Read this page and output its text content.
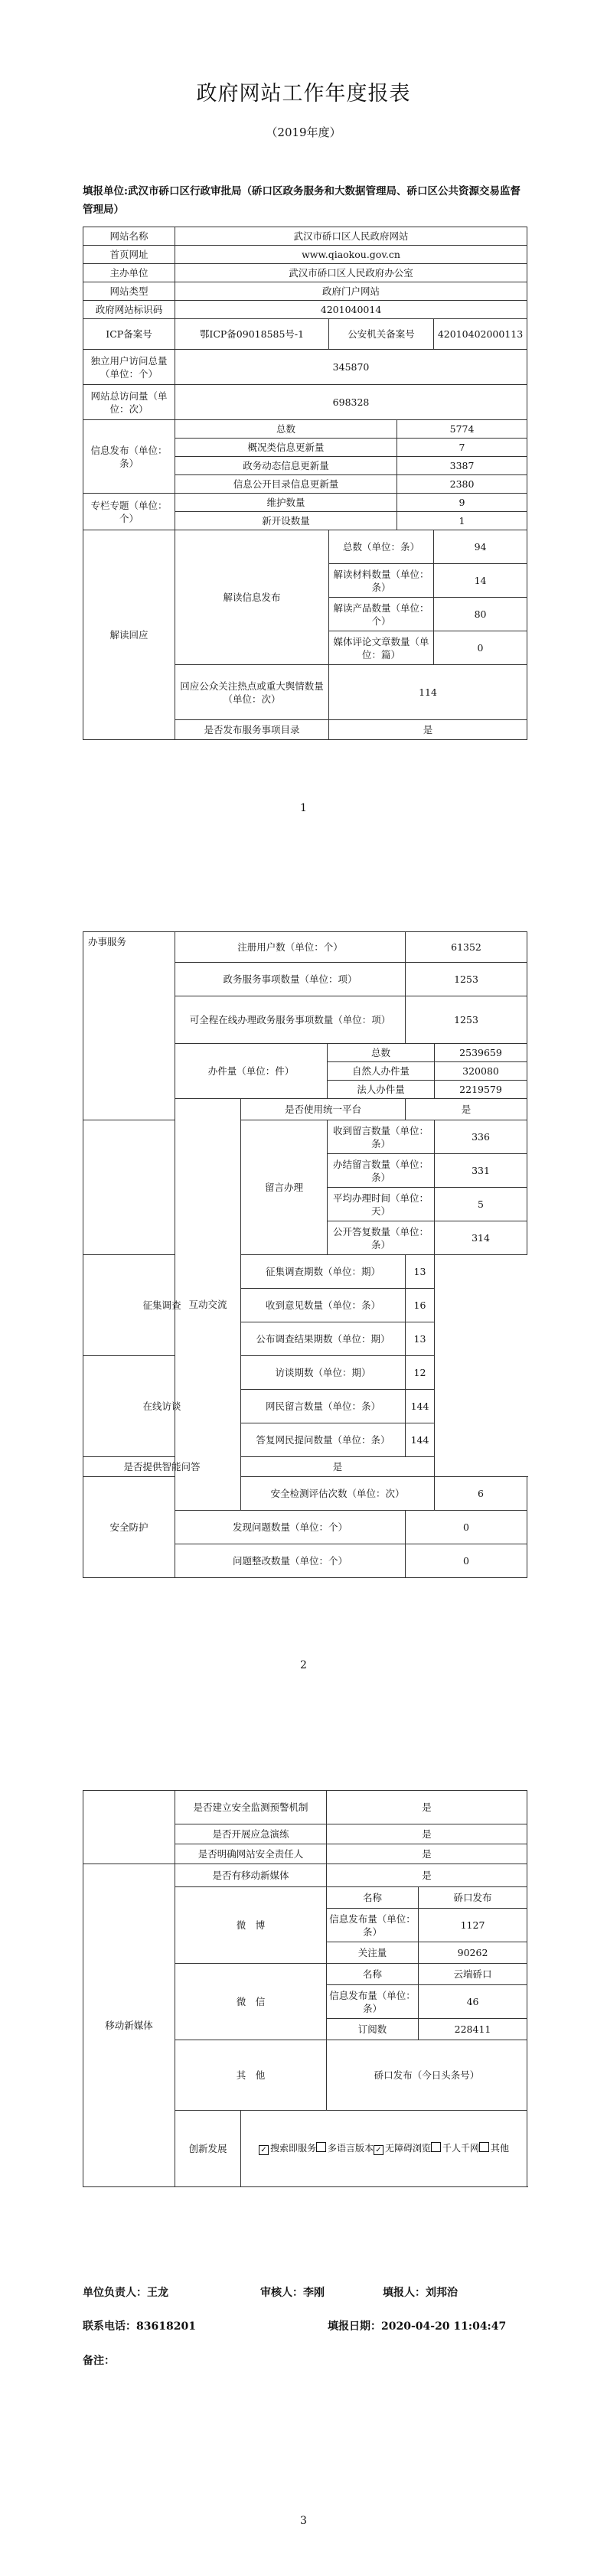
政府网站工作年度报表
（2019年度）
填报单位:武汉市硚口区行政审批局（硚口区政务服务和大数据管理局、硚口区公共资源交易监督管理局）
网站名称	武汉市硚口区人民政府网站			
首页网址	www.qiaokou.gov.cn			
主办单位	武汉市硚口区人民政府办公室			
网站类型	政府门户网站			
政府网站标识码	4201040014			
ICP备案号	鄂ICP备09018585号-1	公安机关备案号		42010402000113
独立用户访问总量（单位：个）	345870			
网站总访问量（单位：次）	698328			
信息发布（单位：条）	总数		5774	
	概况类信息更新量		7	
	政务动态信息更新量		3387	
	信息公开目录信息更新量		2380	
专栏专题（单位：个）	维护数量		9	
	新开设数量		1	
解读回应	解读信息发布	总数（单位：条）		94
		解读材料数量（单位：条）		14
		解读产品数量（单位：个）		80
		媒体评论文章数量（单位：篇）		0
	回应公众关注热点或重大舆情数量（单位：次）	114		
	是否发布服务事项目录	是		
1
办事服务	注册用户数（单位：个）			61352	
	政务服务事项数量（单位：项）			1253	
	可全程在线办理政务服务事项数量（单位：项）			1253	
	办件量（单位：件）		总数		2539659
			自然人办件量		320080
			法人办件量		2219579
	互动交流	是否使用统一平台		是	
		留言办理	收到留言数量（单位：条）		336
			办结留言数量（单位：条）		331
			平均办理时间（单位：天）		5
			公开答复数量（单位：条）		314
征集调查		征集调查期数（单位：期）		13	
		收到意见数量（单位：条）		16	
		公布调查结果期数（单位：期）		13	
在线访谈		访谈期数（单位：期）		12	
		网民留言数量（单位：条）		144	
		答复网民提问数量（单位：条）		144	
是否提供智能问答		是			
安全防护		安全检测评估次数（单位：次）			6
	发现问题数量（单位：个）			0	
	问题整改数量（单位：个）			0	
2
	是否建立安全监测预警机制		是	
	是否开展应急演练		是	
	是否明确网站安全责任人		是	
移动新媒体	是否有移动新媒体		是	
	微　博		名称	硚口发布
			信息发布量（单位：条）	1127
			关注量	90262
	微　信		名称	云端硚口
			信息发布量（单位：条）	46
			订阅数	228411
	其　他		硚口发布（今日头条号）	
	创新发展	✓ 搜索即服务 多语言版本 ✓ 无障碍浏览 千人千网 其他		
单位负责人：王龙	审核人：李刚	填报人：刘邦治
联系电话：83618201	填报日期：2020-04-20 11:04:47
备注：
3
